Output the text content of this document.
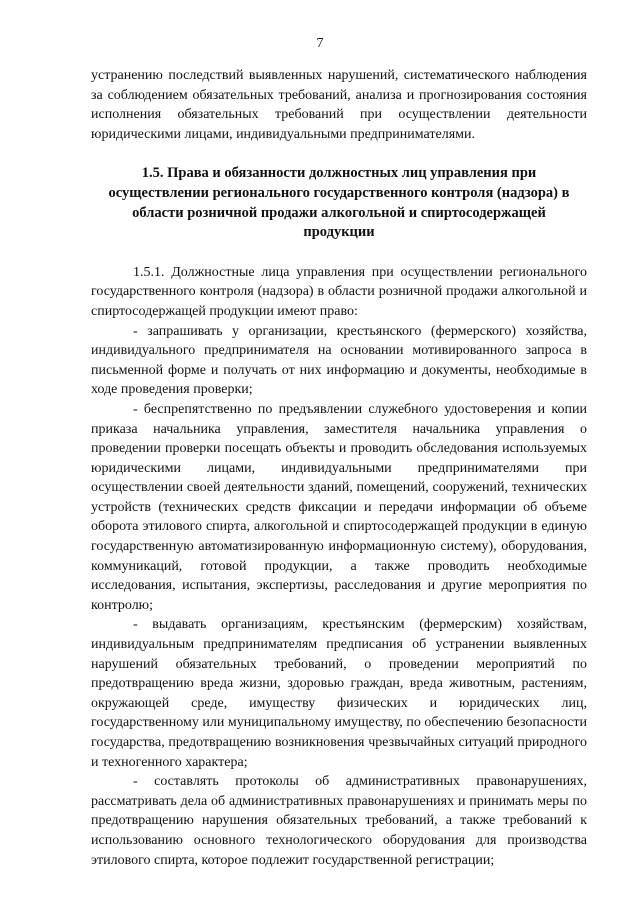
7

устранению последствий выявленных нарушений, систематического наблюдения за соблюдением обязательных требований, анализа и прогнозирования состояния исполнения обязательных требований при осуществлении деятельности юридическими лицами, индивидуальными предпринимателями.

1.5. Права и обязанности должностных лиц управления при
осуществлении регионального государственного контроля (надзора) в
области розничной продажи алкогольной и спиртосодержащей
продукции

1.5.1. Должностные лица управления при осуществлении регионального государственного контроля (надзора) в области розничной продажи алкогольной и спиртосодержащей продукции имеют право:

- запрашивать у организации, крестьянского (фермерского) хозяйства, индивидуального предпринимателя на основании мотивированного запроса в письменной форме и получать от них информацию и документы, необходимые в ходе проведения проверки;

- беспрепятственно по предъявлении служебного удостоверения и копии приказа начальника управления, заместителя начальника управления о проведении проверки посещать объекты и проводить обследования используемых юридическими лицами, индивидуальными предпринимателями при осуществлении своей деятельности зданий, помещений, сооружений, технических устройств (технических средств фиксации и передачи информации об объеме оборота этилового спирта, алкогольной и спиртосодержащей продукции в единую государственную автоматизированную информационную систему), оборудования, коммуникаций, готовой продукции, а также проводить необходимые исследования, испытания, экспертизы, расследования и другие мероприятия по контролю;

- выдавать организациям, крестьянским (фермерским) хозяйствам, индивидуальным предпринимателям предписания об устранении выявленных нарушений обязательных требований, о проведении мероприятий по предотвращению вреда жизни, здоровью граждан, вреда животным, растениям, окружающей среде, имуществу физических и юридических лиц, государственному или муниципальному имуществу, по обеспечению безопасности государства, предотвращению возникновения чрезвычайных ситуаций природного и техногенного характера;

- составлять протоколы об административных правонарушениях, рассматривать дела об административных правонарушениях и принимать меры по предотвращению нарушения обязательных требований, а также требований к использованию основного технологического оборудования для производства этилового спирта, которое подлежит государственной регистрации;
